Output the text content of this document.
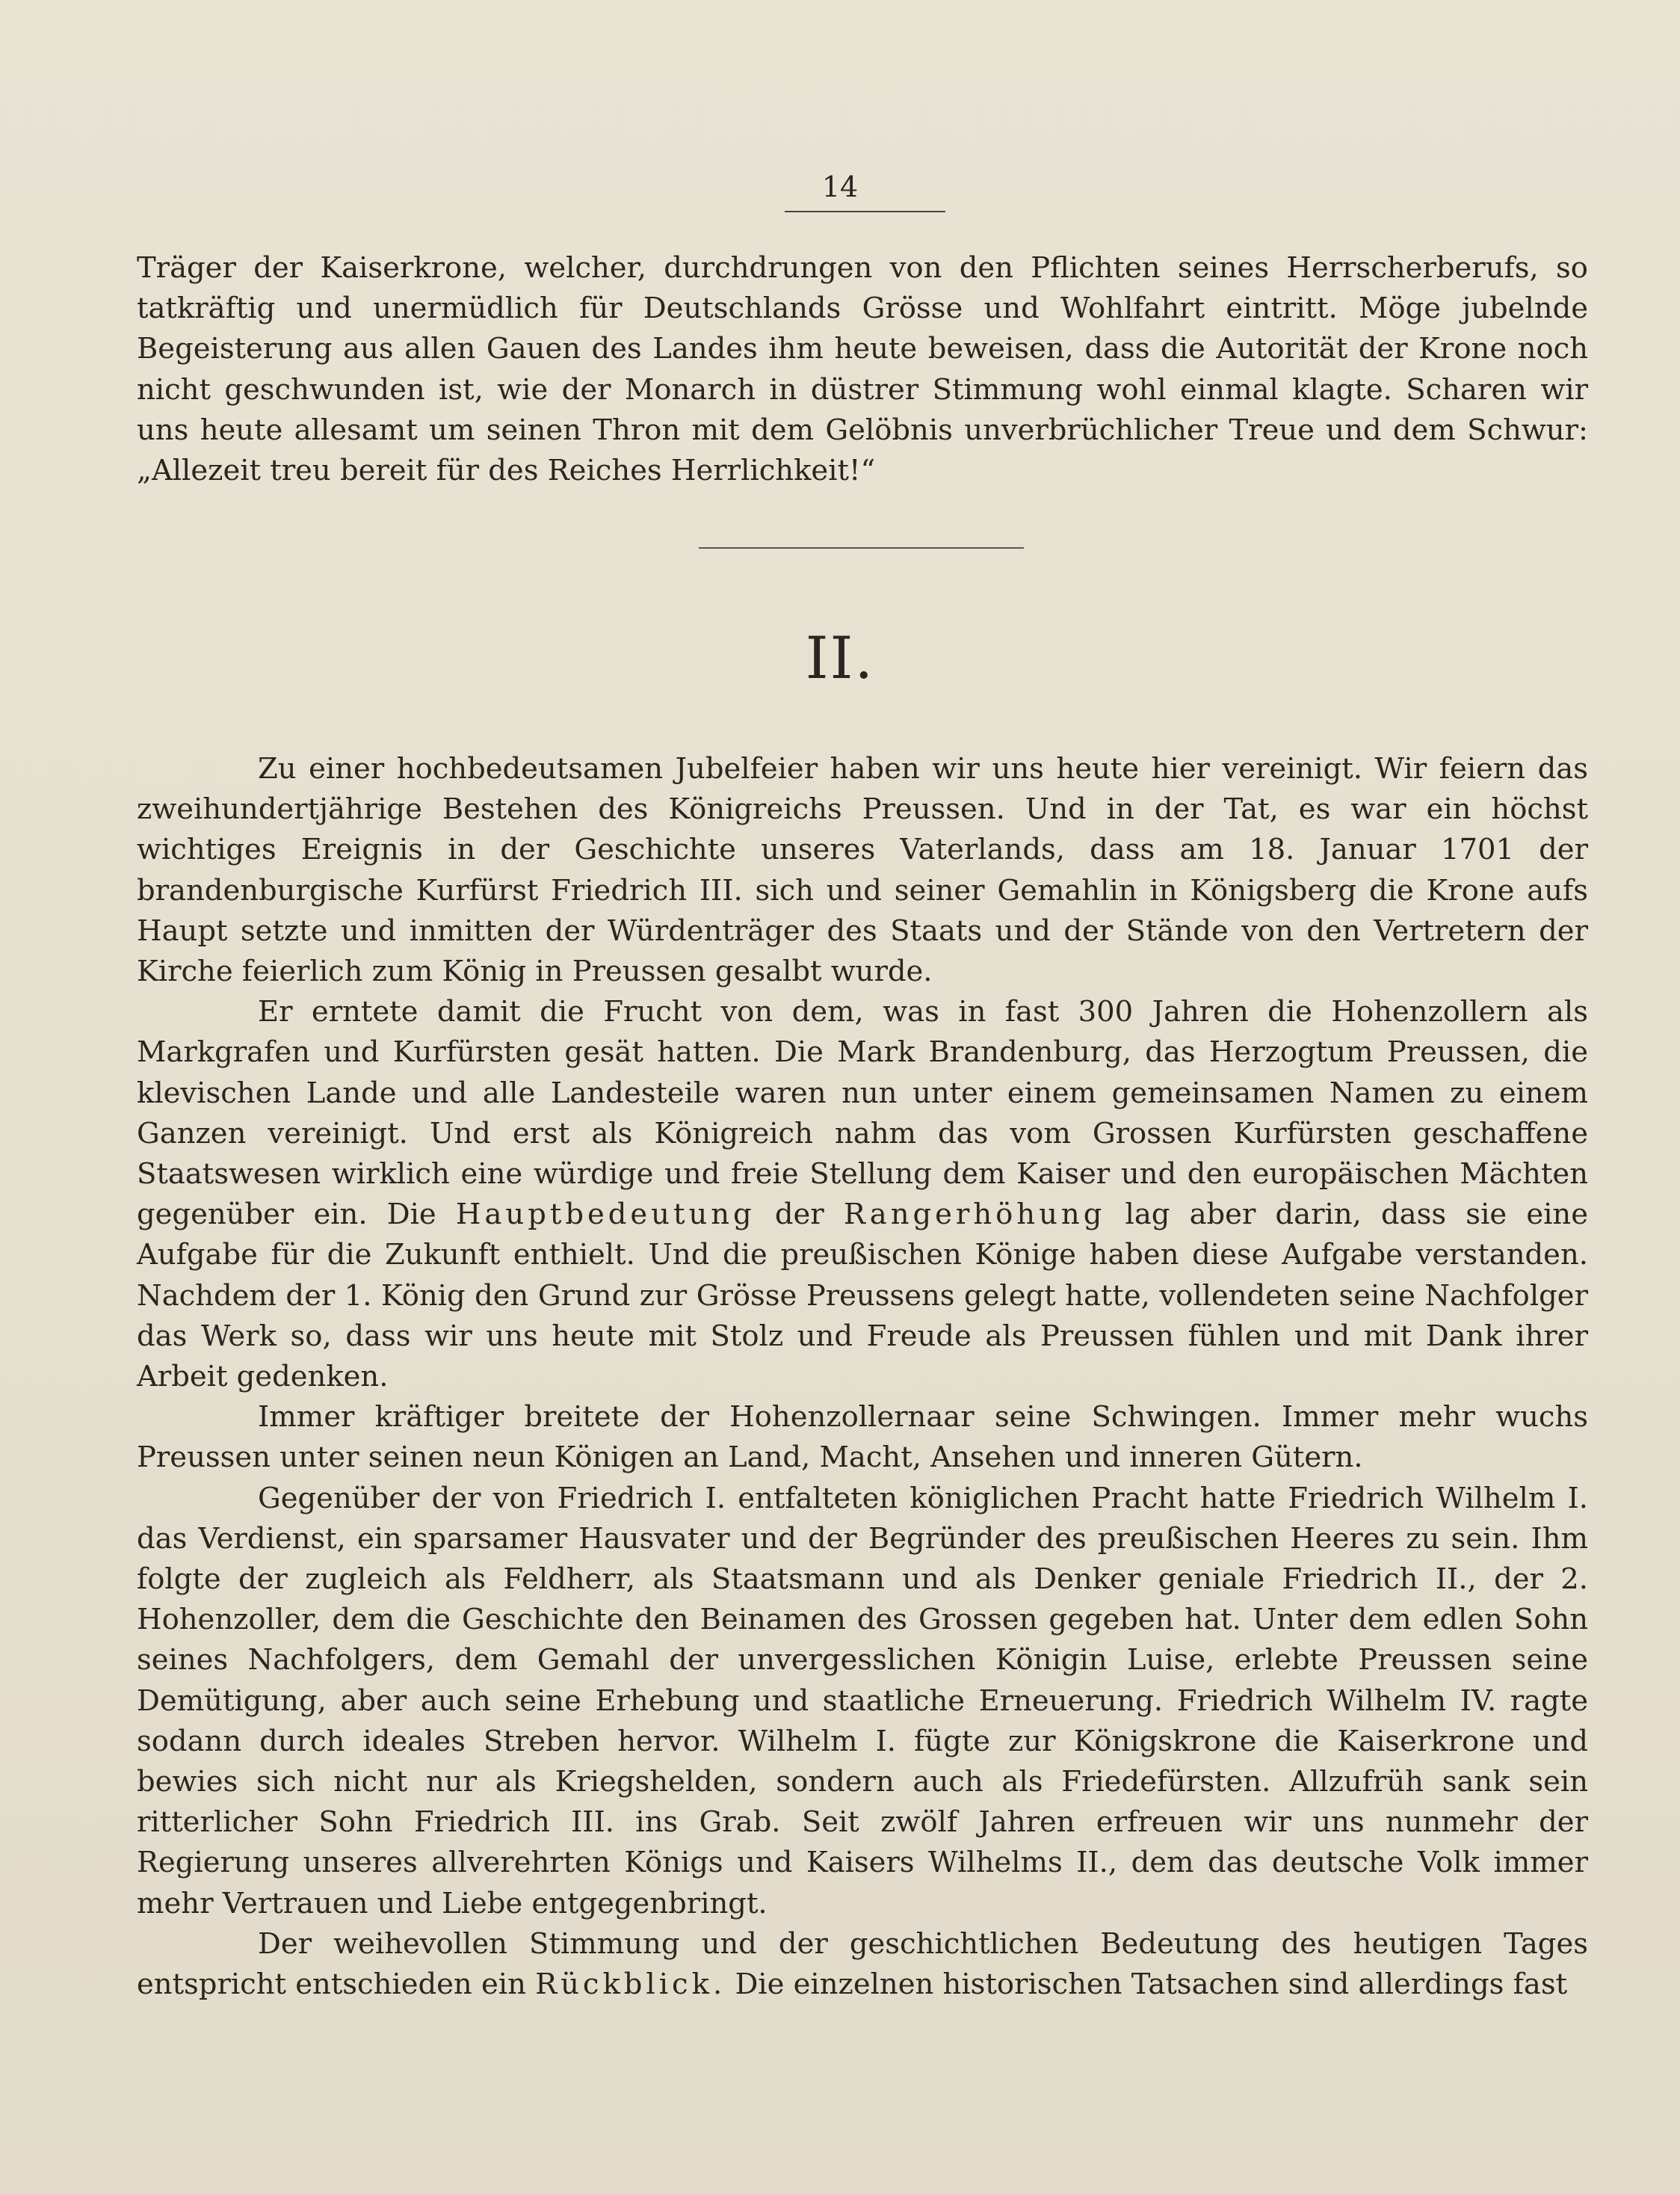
14

Träger der Kaiserkrone, welcher, durchdrungen von den Pflichten seines Herrscherberufs, so tatkräftig und unermüdlich für Deutschlands Grösse und Wohlfahrt eintritt. Möge jubelnde Begeisterung aus allen Gauen des Landes ihm heute beweisen, dass die Autorität der Krone noch nicht geschwunden ist, wie der Monarch in düstrer Stimmung wohl einmal klagte. Scharen wir uns heute allesamt um seinen Thron mit dem Gelöbnis unverbrüchlicher Treue und dem Schwur: „Allezeit treu bereit für des Reiches Herrlichkeit!“

II.

Zu einer hochbedeutsamen Jubelfeier haben wir uns heute hier vereinigt. Wir feiern das zweihundertjährige Bestehen des Königreichs Preussen. Und in der Tat, es war ein höchst wichtiges Ereignis in der Geschichte unseres Vaterlands, dass am 18. Januar 1701 der brandenburgische Kurfürst Friedrich III. sich und seiner Gemahlin in Königsberg die Krone aufs Haupt setzte und inmitten der Würdenträger des Staats und der Stände von den Vertretern der Kirche feierlich zum König in Preussen gesalbt wurde.

Er erntete damit die Frucht von dem, was in fast 300 Jahren die Hohenzollern als Markgrafen und Kurfürsten gesät hatten. Die Mark Brandenburg, das Herzogtum Preussen, die klevischen Lande und alle Landesteile waren nun unter einem gemeinsamen Namen zu einem Ganzen vereinigt. Und erst als Königreich nahm das vom Grossen Kurfürsten geschaffene Staatswesen wirklich eine würdige und freie Stellung dem Kaiser und den europäischen Mächten gegenüber ein. Die Hauptbedeutung der Rangerhöhung lag aber darin, dass sie eine Aufgabe für die Zukunft enthielt. Und die preußischen Könige haben diese Aufgabe verstanden. Nachdem der 1. König den Grund zur Grösse Preussens gelegt hatte, vollendeten seine Nachfolger das Werk so, dass wir uns heute mit Stolz und Freude als Preussen fühlen und mit Dank ihrer Arbeit gedenken.

Immer kräftiger breitete der Hohenzollernaar seine Schwingen. Immer mehr wuchs Preussen unter seinen neun Königen an Land, Macht, Ansehen und inneren Gütern.

Gegenüber der von Friedrich I. entfalteten königlichen Pracht hatte Friedrich Wilhelm I. das Verdienst, ein sparsamer Hausvater und der Begründer des preußischen Heeres zu sein. Ihm folgte der zugleich als Feldherr, als Staatsmann und als Denker geniale Friedrich II., der 2. Hohenzoller, dem die Geschichte den Beinamen des Grossen gegeben hat. Unter dem edlen Sohn seines Nachfolgers, dem Gemahl der unvergesslichen Königin Luise, erlebte Preussen seine Demütigung, aber auch seine Erhebung und staatliche Erneuerung. Friedrich Wilhelm IV. ragte sodann durch ideales Streben hervor. Wilhelm I. fügte zur Königskrone die Kaiserkrone und bewies sich nicht nur als Kriegshelden, sondern auch als Friedefürsten. Allzufrüh sank sein ritterlicher Sohn Friedrich III. ins Grab. Seit zwölf Jahren erfreuen wir uns nunmehr der Regierung unseres allverehrten Königs und Kaisers Wilhelms II., dem das deutsche Volk immer mehr Vertrauen und Liebe entgegenbringt.

Der weihevollen Stimmung und der geschichtlichen Bedeutung des heutigen Tages entspricht entschieden ein Rückblick. Die einzelnen historischen Tatsachen sind allerdings fast
